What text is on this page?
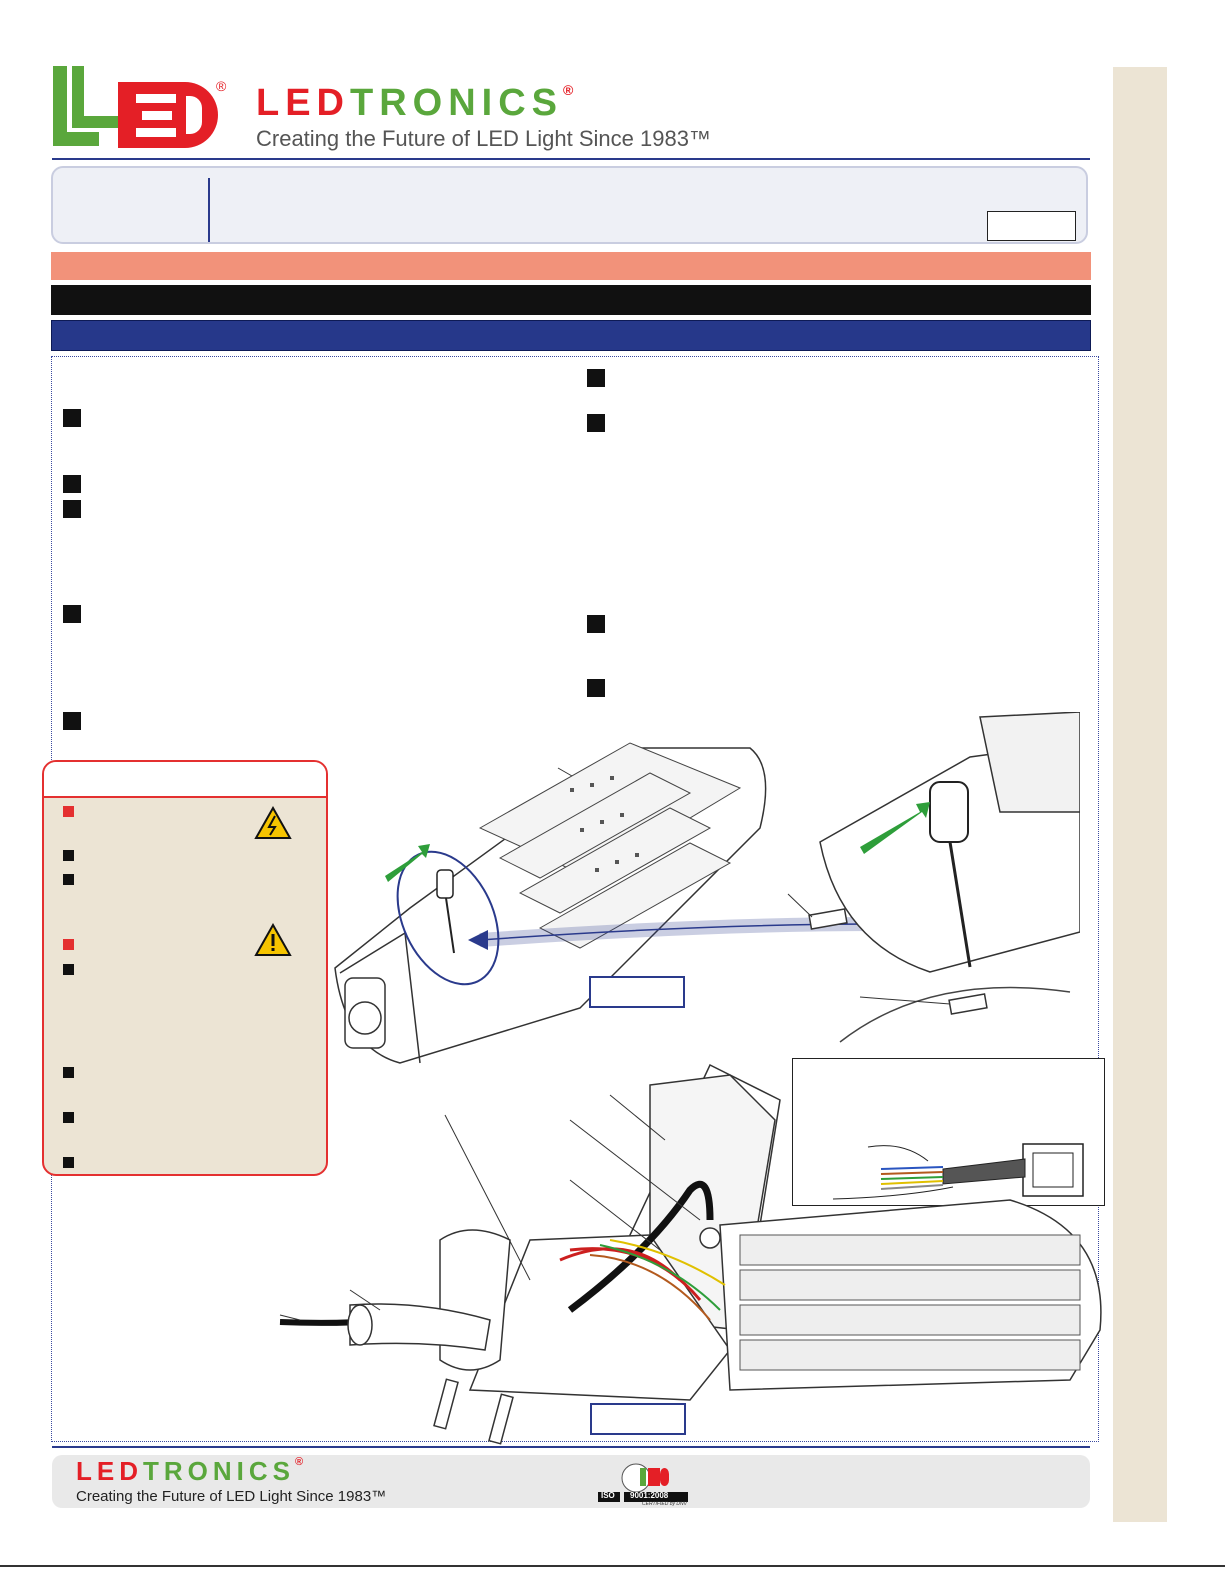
® LEDTRONICS®
Creating the Future of LED Light Since 1983™
LEDTRONICS®
Creating the Future of LED Light Since 1983™	ISO 9001:2008
CERTIFIED by DNV
